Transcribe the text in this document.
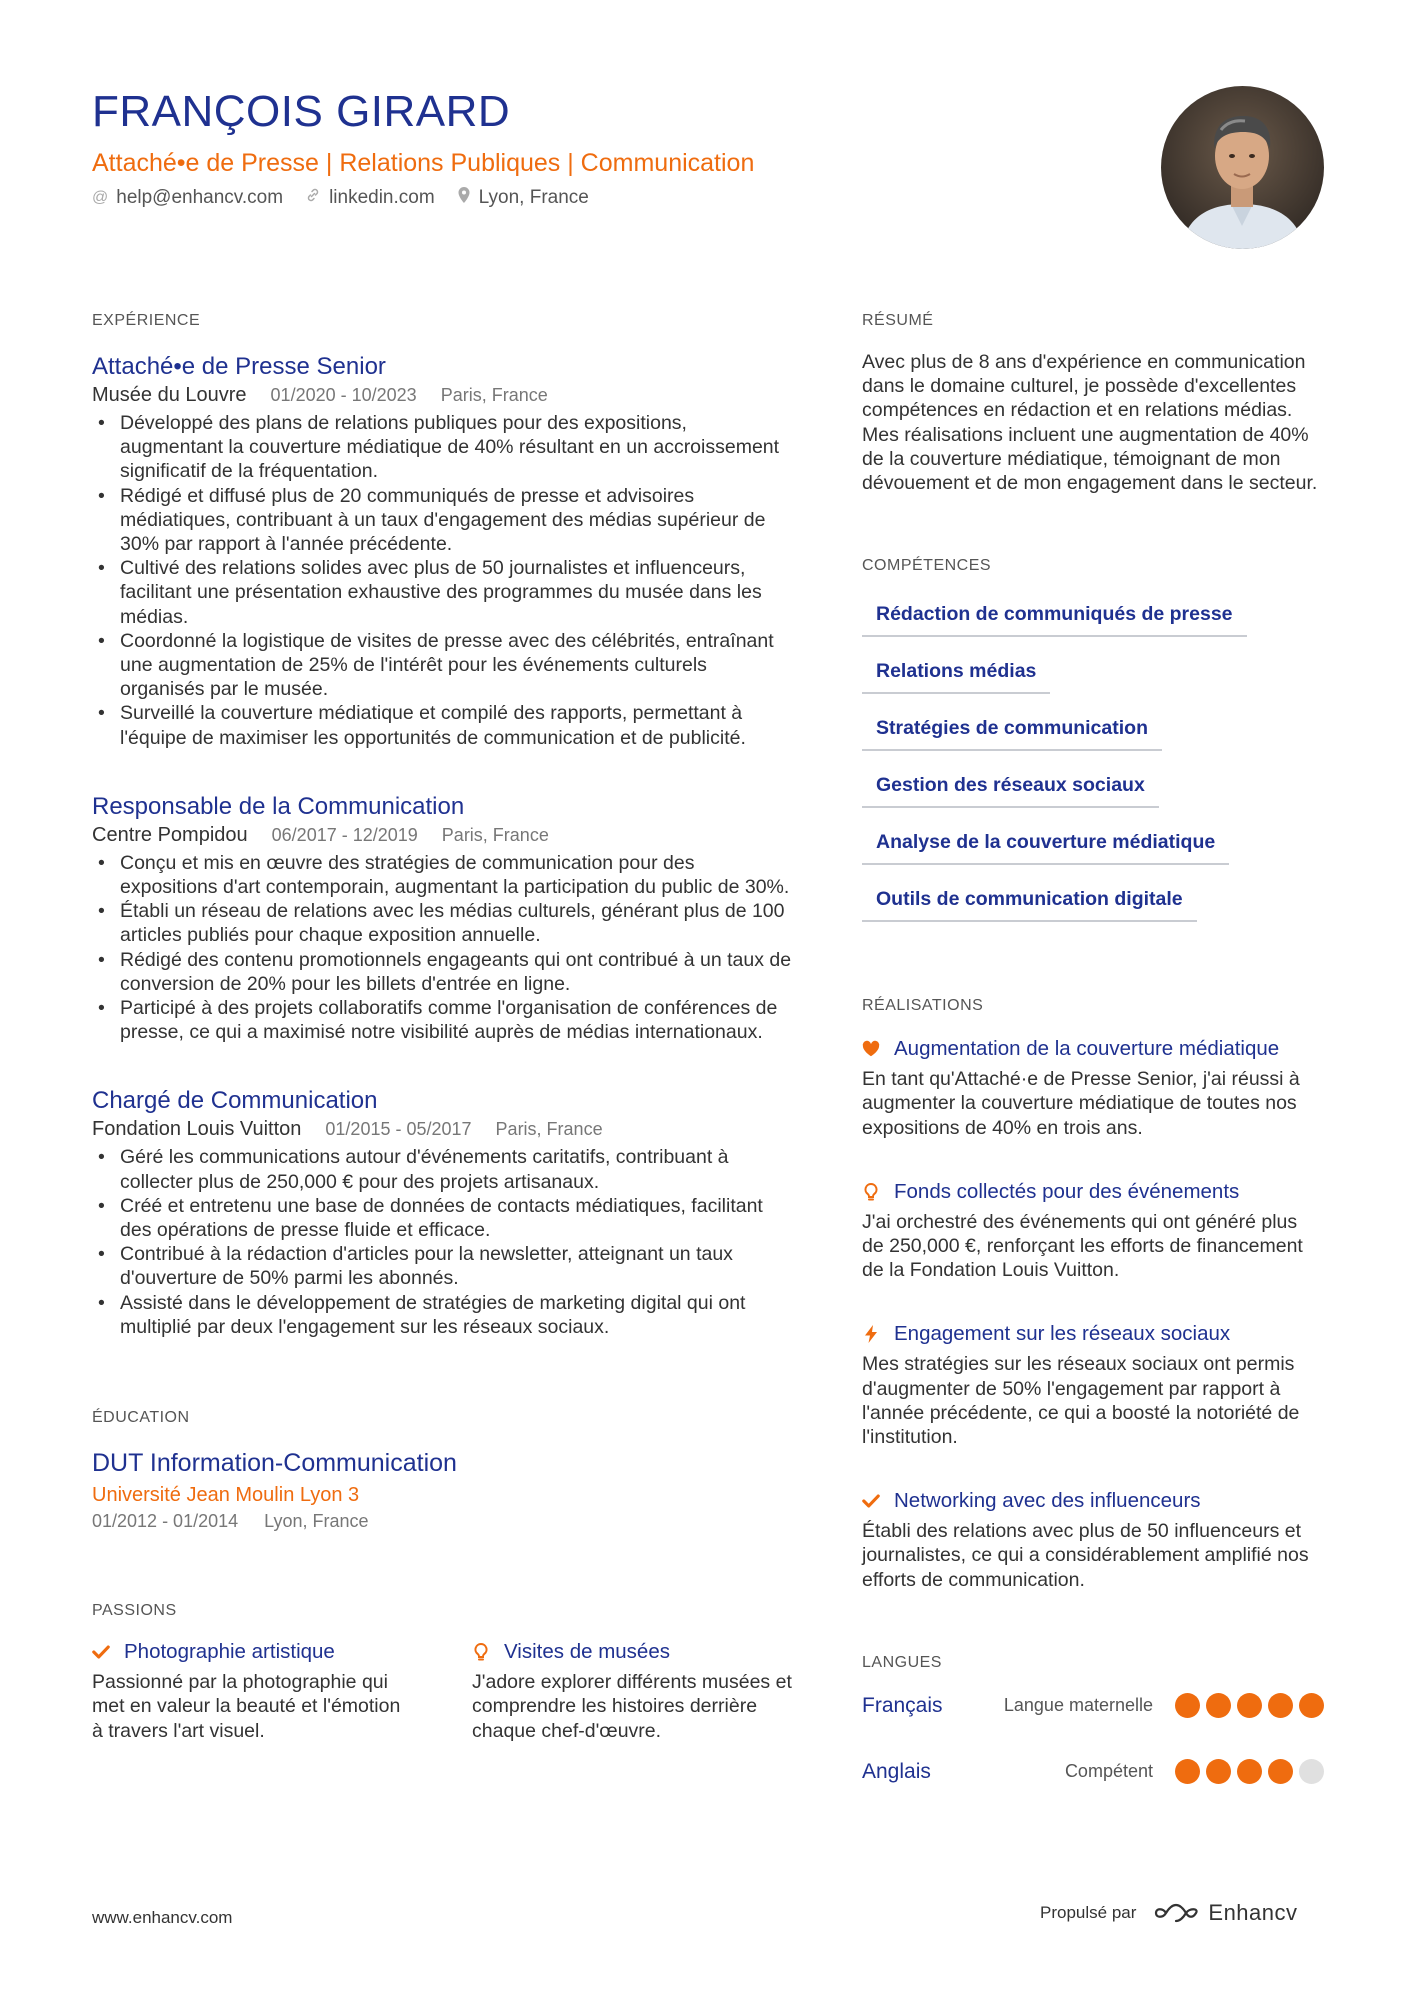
FRANÇOIS GIRARD
Attaché•e de Presse | Relations Publiques | Communication
@ help@enhancv.com linkedin.com Lyon, France
EXPÉRIENCE
Attaché•e de Presse Senior
Musée du Louvre 01/2020 - 10/2023 Paris, France
• Développé des plans de relations publiques pour des expositions, augmentant la couverture médiatique de 40% résultant en un accroissement significatif de la fréquentation.
• Rédigé et diffusé plus de 20 communiqués de presse et advisoires médiatiques, contribuant à un taux d'engagement des médias supérieur de 30% par rapport à l'année précédente.
• Cultivé des relations solides avec plus de 50 journalistes et influenceurs, facilitant une présentation exhaustive des programmes du musée dans les médias.
• Coordonné la logistique de visites de presse avec des célébrités, entraînant une augmentation de 25% de l'intérêt pour les événements culturels organisés par le musée.
• Surveillé la couverture médiatique et compilé des rapports, permettant à l'équipe de maximiser les opportunités de communication et de publicité.
Responsable de la Communication
Centre Pompidou 06/2017 - 12/2019 Paris, France
• Conçu et mis en œuvre des stratégies de communication pour des expositions d'art contemporain, augmentant la participation du public de 30%.
• Établi un réseau de relations avec les médias culturels, générant plus de 100 articles publiés pour chaque exposition annuelle.
• Rédigé des contenu promotionnels engageants qui ont contribué à un taux de conversion de 20% pour les billets d'entrée en ligne.
• Participé à des projets collaboratifs comme l'organisation de conférences de presse, ce qui a maximisé notre visibilité auprès de médias internationaux.
Chargé de Communication
Fondation Louis Vuitton 01/2015 - 05/2017 Paris, France
• Géré les communications autour d'événements caritatifs, contribuant à collecter plus de 250,000 € pour des projets artisanaux.
• Créé et entretenu une base de données de contacts médiatiques, facilitant des opérations de presse fluide et efficace.
• Contribué à la rédaction d'articles pour la newsletter, atteignant un taux d'ouverture de 50% parmi les abonnés.
• Assisté dans le développement de stratégies de marketing digital qui ont multiplié par deux l'engagement sur les réseaux sociaux.
ÉDUCATION
DUT Information-Communication
Université Jean Moulin Lyon 3
01/2012 - 01/2014 Lyon, France
PASSIONS
Photographie artistique
Passionné par la photographie qui met en valeur la beauté et l'émotion à travers l'art visuel.
Visites de musées
J'adore explorer différents musées et comprendre les histoires derrière chaque chef-d'œuvre.
RÉSUMÉ
Avec plus de 8 ans d'expérience en communication dans le domaine culturel, je possède d'excellentes compétences en rédaction et en relations médias. Mes réalisations incluent une augmentation de 40% de la couverture médiatique, témoignant de mon dévouement et de mon engagement dans le secteur.
COMPÉTENCES
Rédaction de communiqués de presse
Relations médias
Stratégies de communication
Gestion des réseaux sociaux
Analyse de la couverture médiatique
Outils de communication digitale
RÉALISATIONS
Augmentation de la couverture médiatique
En tant qu'Attaché·e de Presse Senior, j'ai réussi à augmenter la couverture médiatique de toutes nos expositions de 40% en trois ans.
Fonds collectés pour des événements
J'ai orchestré des événements qui ont généré plus de 250,000 €, renforçant les efforts de financement de la Fondation Louis Vuitton.
Engagement sur les réseaux sociaux
Mes stratégies sur les réseaux sociaux ont permis d'augmenter de 50% l'engagement par rapport à l'année précédente, ce qui a boosté la notoriété de l'institution.
Networking avec des influenceurs
Établi des relations avec plus de 50 influenceurs et journalistes, ce qui a considérablement amplifié nos efforts de communication.
LANGUES
Français	Langue maternelle
Anglais	Compétent
www.enhancv.com	Propulsé par	Enhancv
